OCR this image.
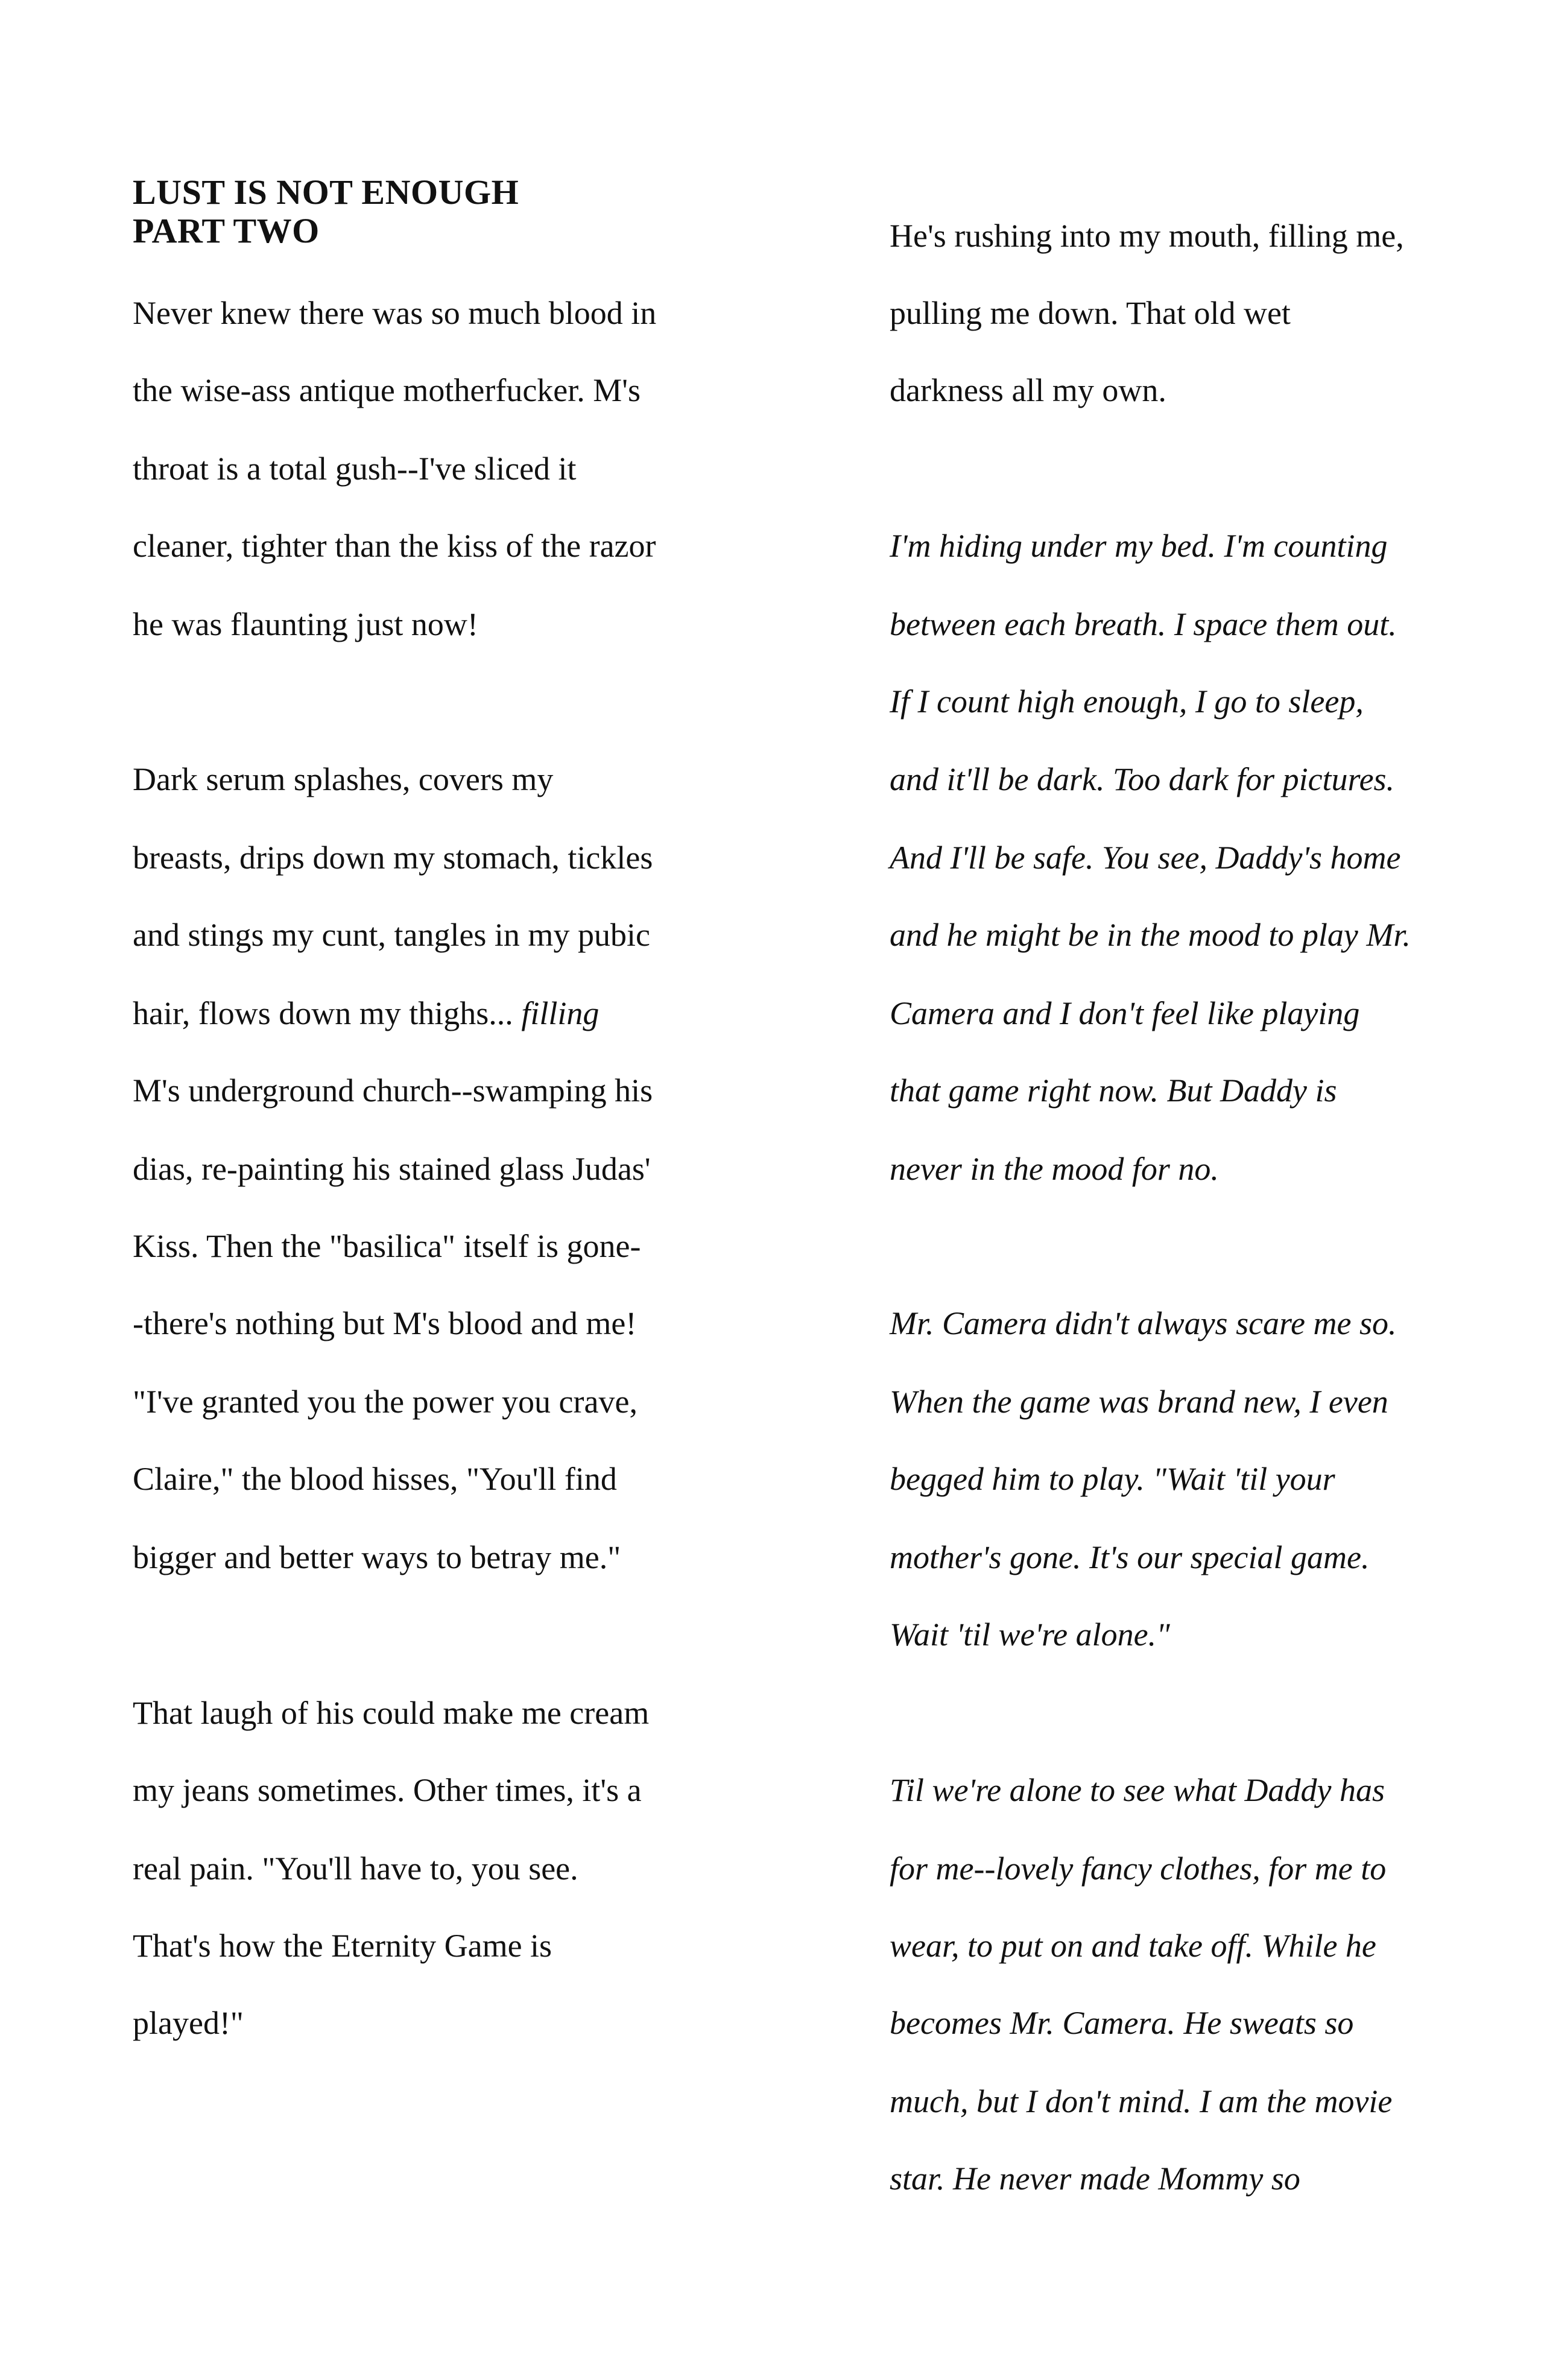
LUST IS NOT ENOUGH
PART TWO
Never knew there was so much blood in
the wise-ass antique motherfucker. M's
throat is a total gush--I've sliced it
cleaner, tighter than the kiss of the razor
he was flaunting just now!
Dark serum splashes, covers my
breasts, drips down my stomach, tickles
and stings my cunt, tangles in my pubic
hair, flows down my thighs... filling
M's underground church--swamping his
dias, re-painting his stained glass Judas'
Kiss. Then the "basilica" itself is gone-
-there's nothing but M's blood and me!
"I've granted you the power you crave,
Claire," the blood hisses, "You'll find
bigger and better ways to betray me."
That laugh of his could make me cream
my jeans sometimes. Other times, it's a
real pain. "You'll have to, you see.
That's how the Eternity Game is
played!"
He's rushing into my mouth, filling me,
pulling me down. That old wet
darkness all my own.
I'm hiding under my bed. I'm counting
between each breath. I space them out.
If I count high enough, I go to sleep,
and it'll be dark. Too dark for pictures.
And I'll be safe. You see, Daddy's home
and he might be in the mood to play Mr.
Camera and I don't feel like playing
that game right now. But Daddy is
never in the mood for no.
Mr. Camera didn't always scare me so.
When the game was brand new, I even
begged him to play. "Wait 'til your
mother's gone. It's our special game.
Wait 'til we're alone."
Til we're alone to see what Daddy has
for me--lovely fancy clothes, for me to
wear, to put on and take off. While he
becomes Mr. Camera. He sweats so
much, but I don't mind. I am the movie
star. He never made Mommy so
